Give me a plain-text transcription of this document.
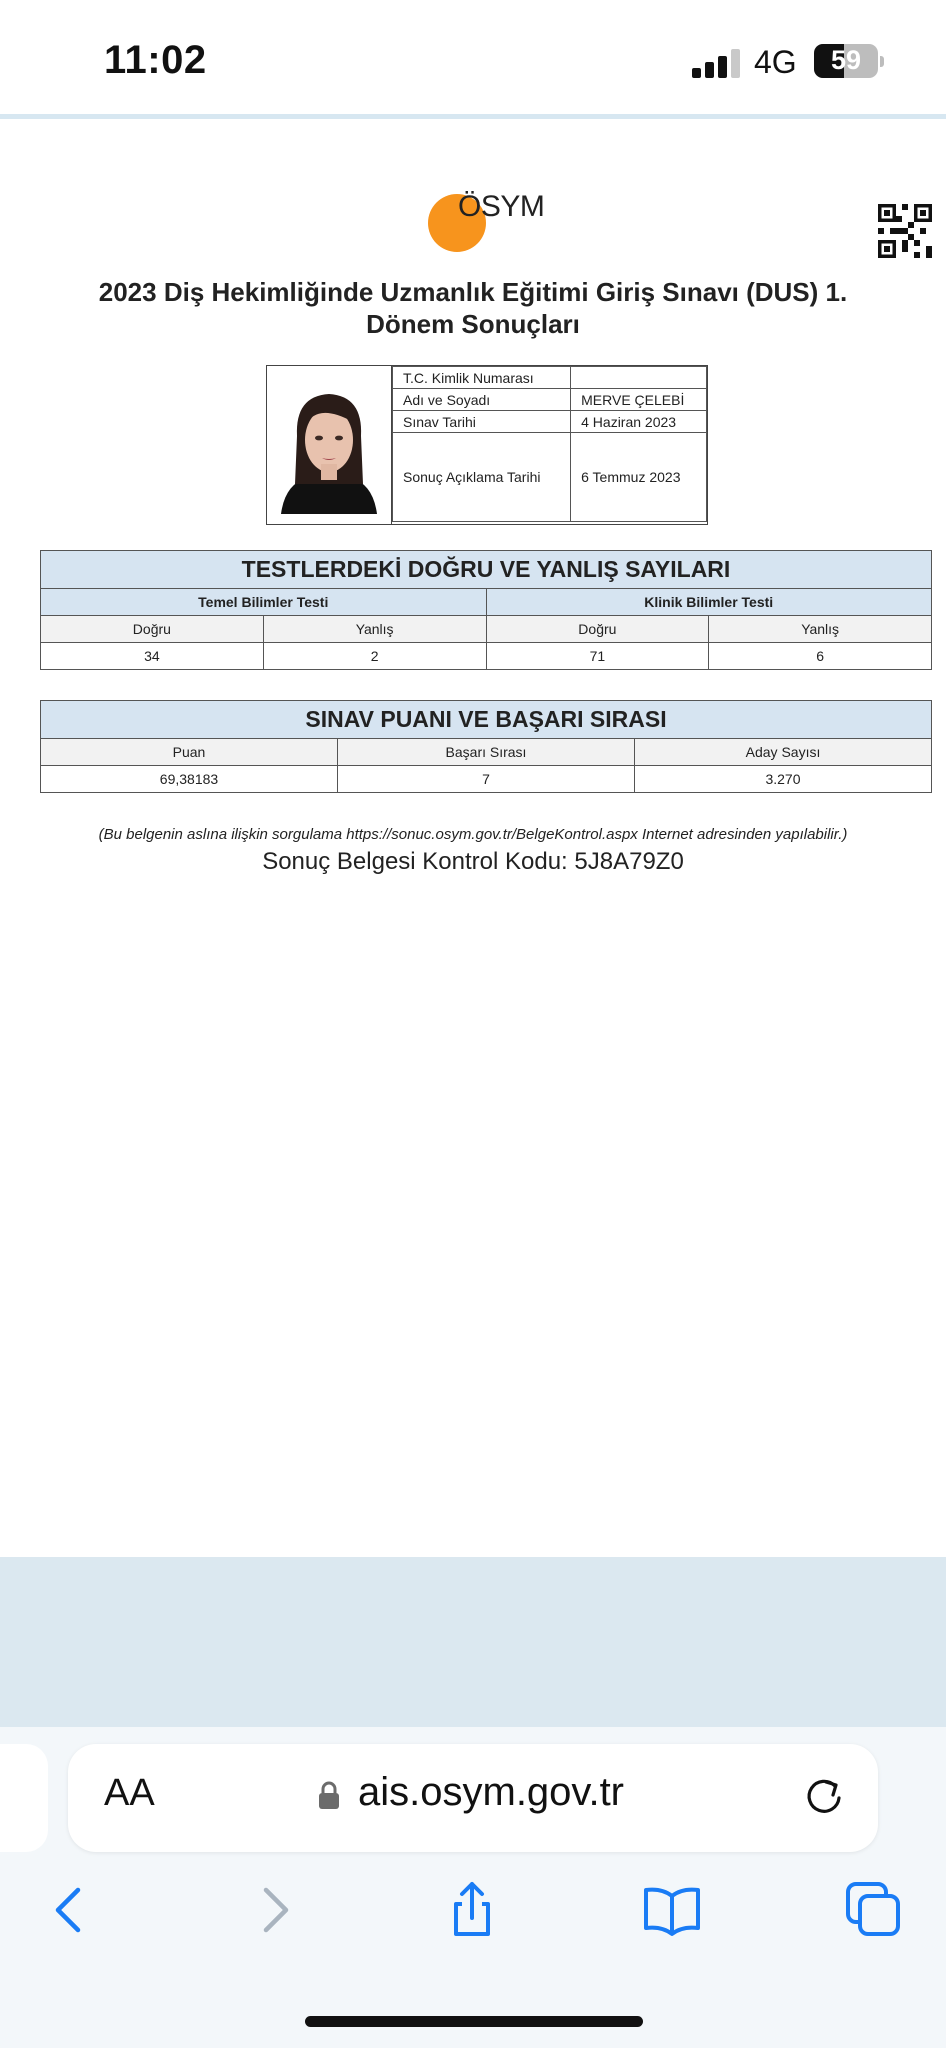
11:02	4G	59
ÖSYM
2023 Diş Hekimliğinde Uzmanlık Eğitimi Giriş Sınavı (DUS) 1. Dönem Sonuçları
T.C. Kimlik Numarası	
Adı ve Soyadı	MERVE ÇELEBİ
Sınav Tarihi	4 Haziran 2023
Sonuç Açıklama Tarihi	6 Temmuz 2023
TESTLERDEKİ DOĞRU VE YANLIŞ SAYILARI			
Temel Bilimler Testi		Klinik Bilimler Testi	
Doğru	Yanlış	Doğru	Yanlış
34	2	71	6
SINAV PUANI VE BAŞARI SIRASI		
Puan	Başarı Sırası	Aday Sayısı
69,38183	7	3.270
(Bu belgenin aslına ilişkin sorgulama https://sonuc.osym.gov.tr/BelgeKontrol.aspx Internet adresinden yapılabilir.)
Sonuç Belgesi Kontrol Kodu: 5J8A79Z0
AA	ais.osym.gov.tr
